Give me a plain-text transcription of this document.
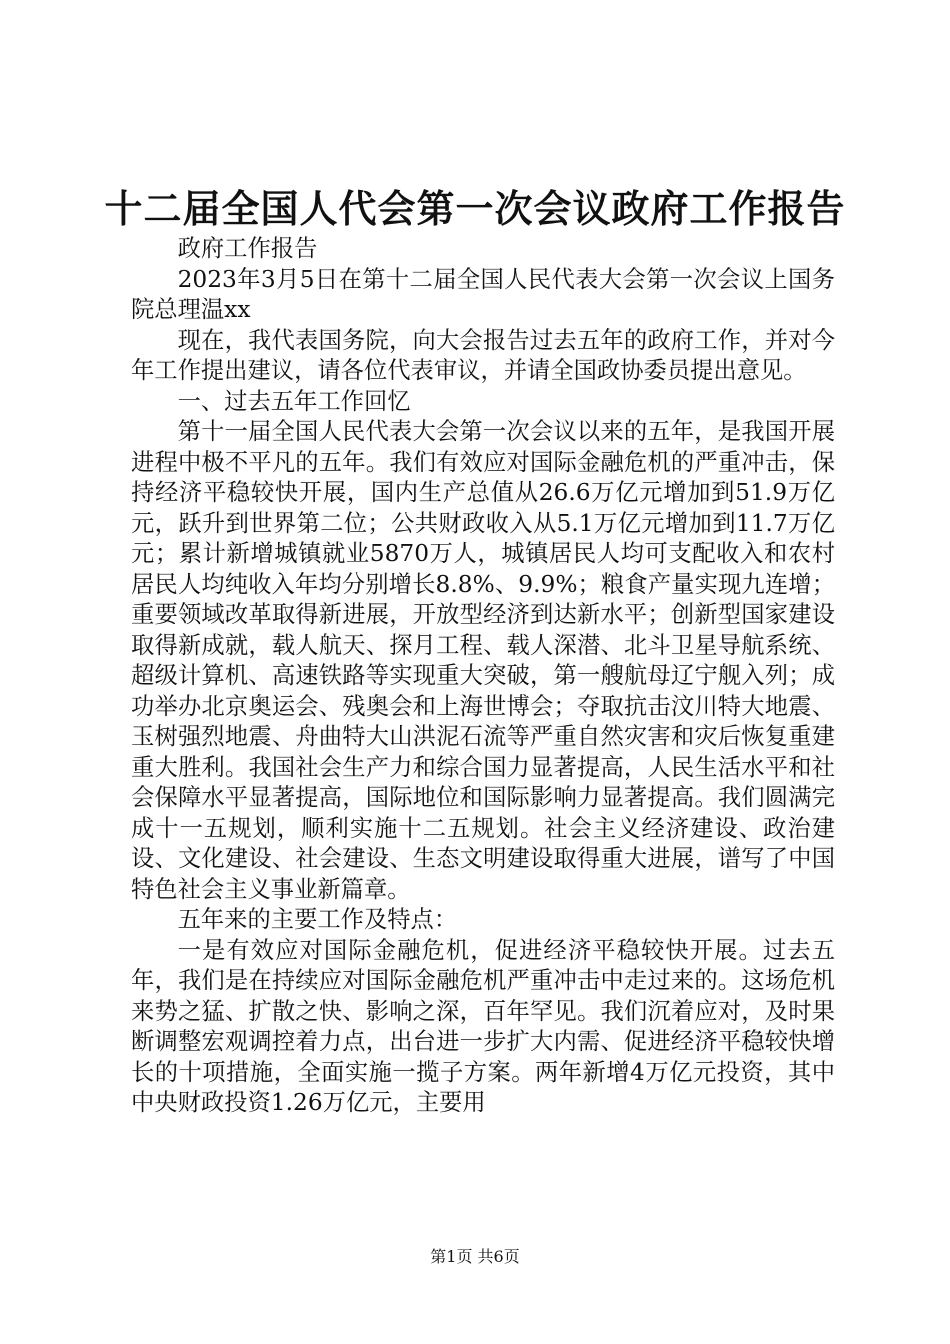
十二届全国人代会第一次会议政府工作报告

政府工作报告

2023年3月5日在第十二届全国人民代表大会第一次会议上国务院总理温xx

现在，我代表国务院，向大会报告过去五年的政府工作，并对今年工作提出建议，请各位代表审议，并请全国政协委员提出意见。

一、过去五年工作回忆

第十一届全国人民代表大会第一次会议以来的五年，是我国开展进程中极不平凡的五年。我们有效应对国际金融危机的严重冲击，保持经济平稳较快开展，国内生产总值从26.6万亿元增加到51.9万亿元，跃升到世界第二位；公共财政收入从5.1万亿元增加到11.7万亿元；累计新增城镇就业5870万人，城镇居民人均可支配收入和农村居民人均纯收入年均分别增长8.8%、9.9%；粮食产量实现九连增；重要领域改革取得新进展，开放型经济到达新水平；创新型国家建设取得新成就，载人航天、探月工程、载人深潜、北斗卫星导航系统、超级计算机、高速铁路等实现重大突破，第一艘航母辽宁舰入列；成功举办北京奥运会、残奥会和上海世博会；夺取抗击汶川特大地震、玉树强烈地震、舟曲特大山洪泥石流等严重自然灾害和灾后恢复重建重大胜利。我国社会生产力和综合国力显著提高，人民生活水平和社会保障水平显著提高，国际地位和国际影响力显著提高。我们圆满完成十一五规划，顺利实施十二五规划。社会主义经济建设、政治建设、文化建设、社会建设、生态文明建设取得重大进展，谱写了中国特色社会主义事业新篇章。

五年来的主要工作及特点：

一是有效应对国际金融危机，促进经济平稳较快开展。过去五年，我们是在持续应对国际金融危机严重冲击中走过来的。这场危机来势之猛、扩散之快、影响之深，百年罕见。我们沉着应对，及时果断调整宏观调控着力点，出台进一步扩大内需、促进经济平稳较快增长的十项措施，全面实施一揽子方案。两年新增4万亿元投资，其中中央财政投资1.26万亿元，主要用

第1页 共6页
